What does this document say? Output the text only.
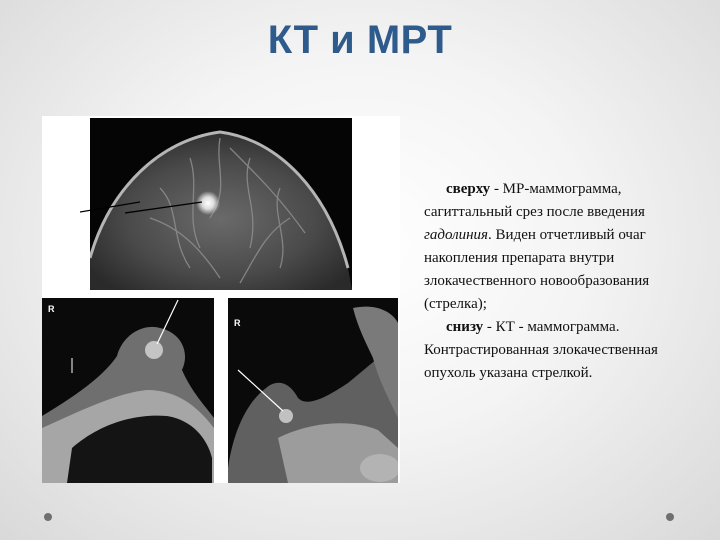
КТ и МРТ
R
R

сверху - МР-маммограмма, сагиттальный срез после введения гадолиния. Виден отчетливый очаг накопления препарата внутри злокачественного новообразования (стрелка);

снизу - КТ - маммограмма. Контрастированная злокачественная опухоль указана стрелкой.
